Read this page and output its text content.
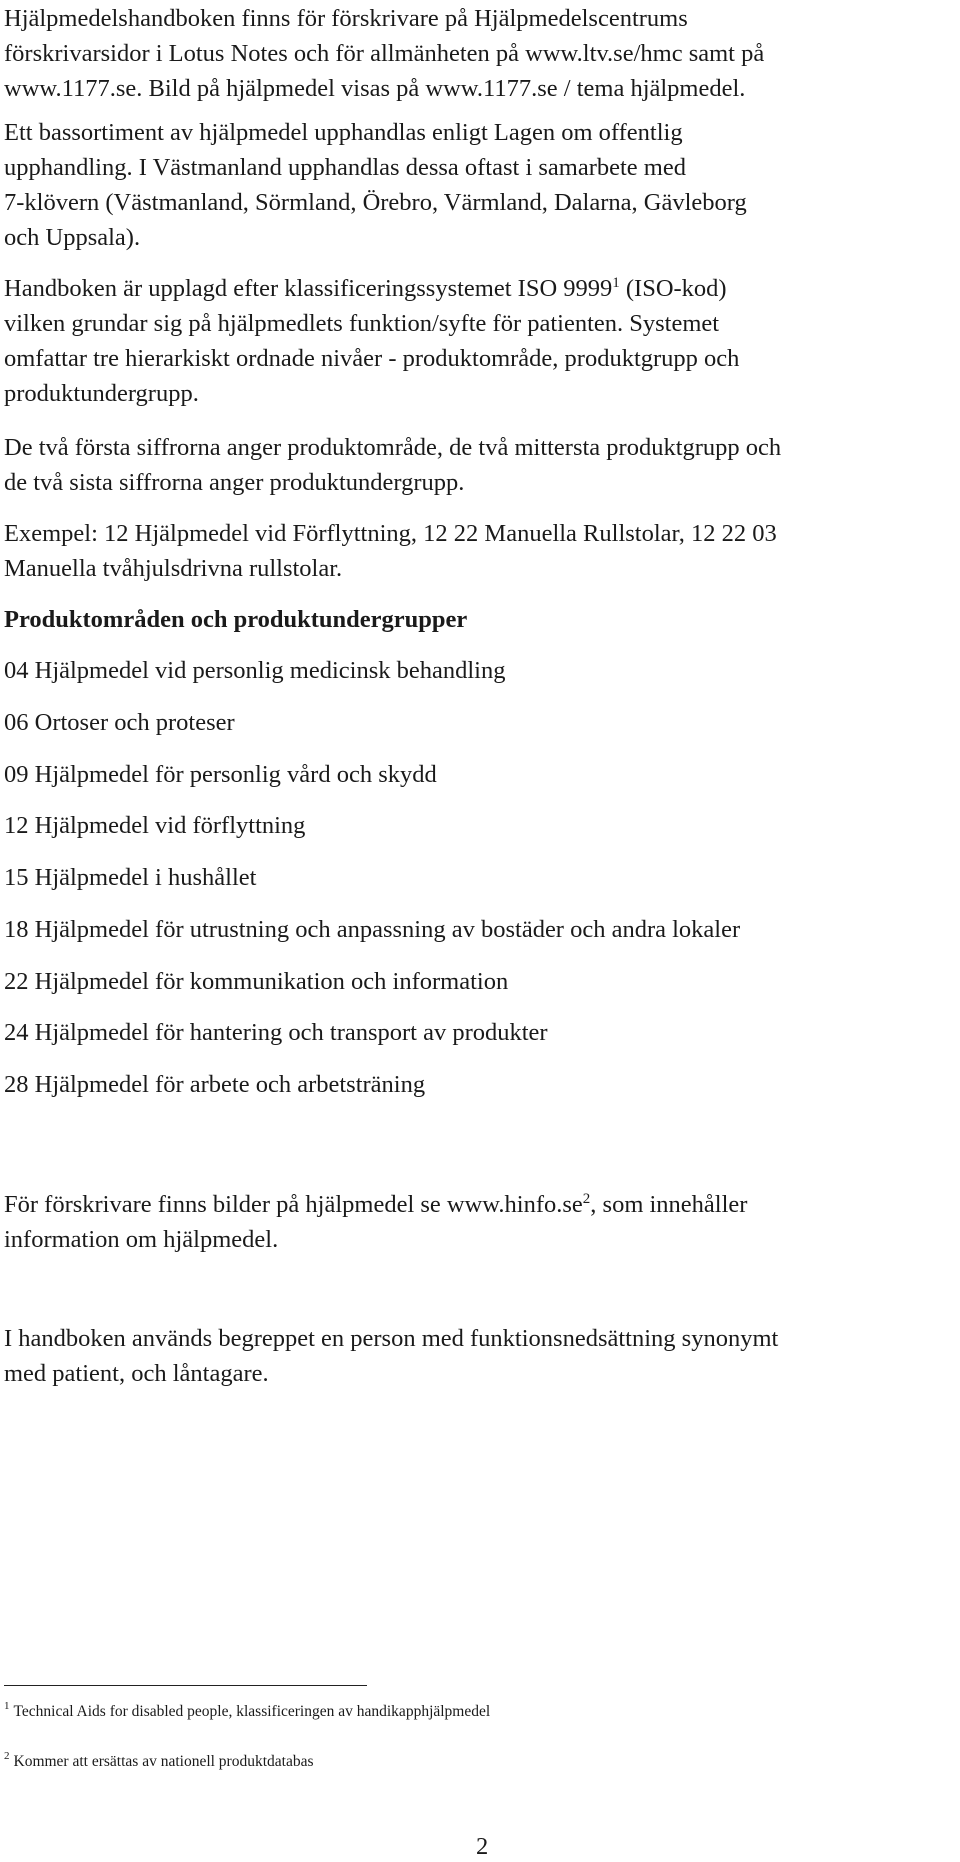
Hjälpmedelshandboken finns för förskrivare på Hjälpmedelscentrums
förskrivarsidor i Lotus Notes och för allmänheten på www.ltv.se/hmc samt på
www.1177.se. Bild på hjälpmedel visas på www.1177.se / tema hjälpmedel.

Ett bassortiment av hjälpmedel upphandlas enligt Lagen om offentlig
upphandling. I Västmanland upphandlas dessa oftast i samarbete med
7-klövern (Västmanland, Sörmland, Örebro, Värmland, Dalarna, Gävleborg
och Uppsala).

Handboken är upplagd efter klassificeringssystemet ISO 9999$^1$ (ISO-kod)
vilken grundar sig på hjälpmedlets funktion/syfte för patienten. Systemet
omfattar tre hierarkiskt ordnade nivåer - produktområde, produktgrupp och
produktundergrupp.

De två första siffrorna anger produktområde, de två mittersta produktgrupp och
de två sista siffrorna anger produktundergrupp.

Exempel: 12 Hjälpmedel vid Förflyttning, 12 22 Manuella Rullstolar, 12 22 03
Manuella tvåhjulsdrivna rullstolar.

Produktområden och produktundergrupper
04 Hjälpmedel vid personlig medicinsk behandling
06 Ortoser och proteser
09 Hjälpmedel för personlig vård och skydd
12 Hjälpmedel vid förflyttning
15 Hjälpmedel i hushållet
18 Hjälpmedel för utrustning och anpassning av bostäder och andra lokaler
22 Hjälpmedel för kommunikation och information
24 Hjälpmedel för hantering och transport av produkter
28 Hjälpmedel för arbete och arbetsträning

För förskrivare finns bilder på hjälpmedel se $www.hinfo.se^2$, som innehåller
information om hjälpmedel.

I handboken används begreppet en person med funktionsnedsättning synonymt
med patient, och låntagare.

$^1$ Technical Aids for disabled people, klassificeringen av handikapphjälpmedel
$^2$ Kommer att ersättas av nationell produktdatabas
2
